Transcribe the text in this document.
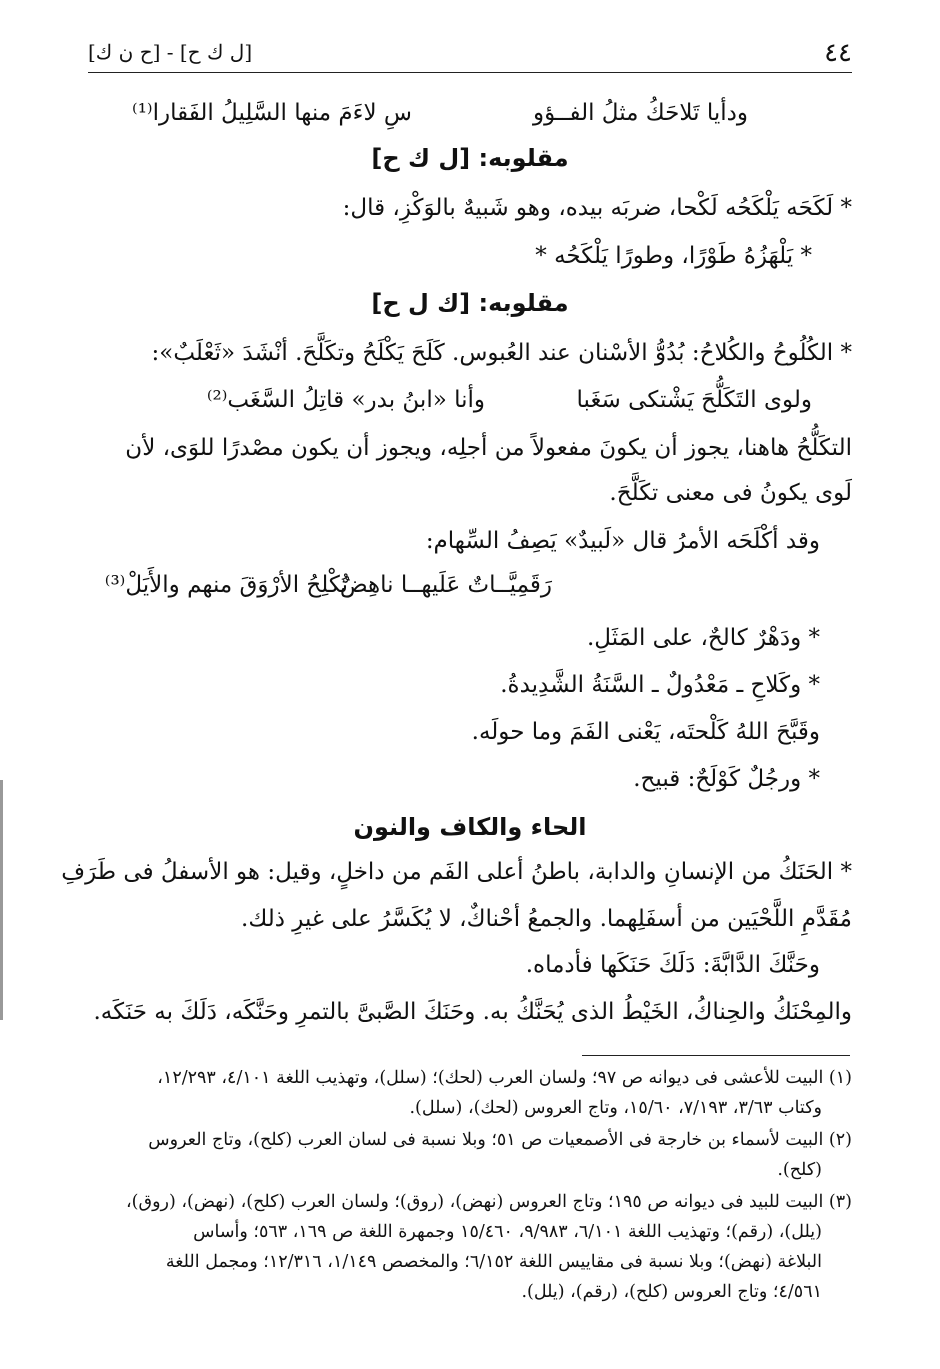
٤٤
[ل ك ح] - [ح ن ك]
ودأيا تَلاحَكُ مثلُ الفــؤو
سِ لاءَمَ منها السَّلِيلُ الفَقارا⁽¹⁾
مقلوبه: [ل ك ح]
* لَكَحَه يَلْكَحُه لَكْحا، ضربَه بيده، وهو شَبيهٌ بالوَكْزِ، قال:
* يَلْهَزُهُ طَوْرًا، وطورًا يَلْكَحُه *
مقلوبه: [ك ل ح]
* الكُلُوحُ والكُلاحُ: بُدُوُّ الأسْنان عند العُبوس. كَلَحَ يَكْلَحُ وتكَلَّحَ. أنْشَدَ «ثَعْلَبٌ»:
ولوى التَكَلُّحَ يَشْتكى سَغَبا
وأنا «ابنُ بدر» قاتِلُ السَّغَب⁽²⁾
التكَلُّحُ هاهنا، يجوز أن يكونَ مفعولاً من أجلِه، ويجوز أن يكون مصْدرًا للوَى، لأن
لَوى يكونُ فى معنى تكَلَّحَ.
وقد أكْلَحَه الأمرُ قال «لَبيدٌ» يَصِفُ السِّهام:
رَقَمِيَّــاتٌ عَلَيهــا ناهِضٌ
تُكْلِحُ الأرْوَقَ منهم والأَيَلْ⁽³⁾
* ودَهْرٌ كالحٌ، على المَثَلِ.
* وكَلاحِ ـ مَعْدُولٌ ـ السَّنَةُ الشَّدِيدةُ.
وقَبَّحَ اللهُ كَلْحتَه، يَعْنى الفَمَ وما حولَه.
* ورجُلٌ كَوْلَحٌ: قبيح.
الحاء والكاف والنون
* الحَنَكُ من الإنسانِ والدابة، باطنُ أعلى الفَم من داخلٍ، وقيل: هو الأسفلُ فى طَرَفِ
مُقَدَّمِ اللَّحْيَين من أسفَلِهما. والجمعُ أحْناكٌ، لا يُكَسَّرُ على غيرِ ذلك.
وحَنَّكَ الدَّابَّةَ: دَلَكَ حَنَكَها فأدماه.
والمِحْنَكُ والحِناكُ، الخَيْطُ الذى يُحَنَّكُ به. وحَنَكَ الصَّبىَّ بالتمرِ وحَنَّكَه، دَلَكَ به حَنَكَه.
(١) البيت للأعشى فى ديوانه ص ٩٧؛ ولسان العرب (لحك)؛ (سلل)، وتهذيب اللغة ٤/١٠١، ١٢/٢٩٣،
وكتاب ٣/٦٣، ٧/١٩٣، ١٥/٦٠، وتاج العروس (لحك)، (سلل).
(٢) البيت لأسماء بن خارجة فى الأصمعيات ص ٥١؛ وبلا نسبة فى لسان العرب (كلح)، وتاج العروس
(كلح).
(٣) البيت للبيد فى ديوانه ص ١٩٥؛ وتاج العروس (نهض)، (روق)؛ ولسان العرب (كلح)، (نهض)، (روق)،
(يلل)، (رقم)؛ وتهذيب اللغة ٦/١٠١، ٩/٩٨٣، ١٥/٤٦٠ وجمهرة اللغة ص ١٦٩، ٥٦٣؛ وأساس
البلاغة (نهض)؛ وبلا نسبة فى مقاييس اللغة ٦/١٥٢؛ والمخصص ١/١٤٩، ١٢/٣١٦؛ ومجمل اللغة
٤/٥٦١؛ وتاج العروس (كلح)، (رقم)، (يلل).
